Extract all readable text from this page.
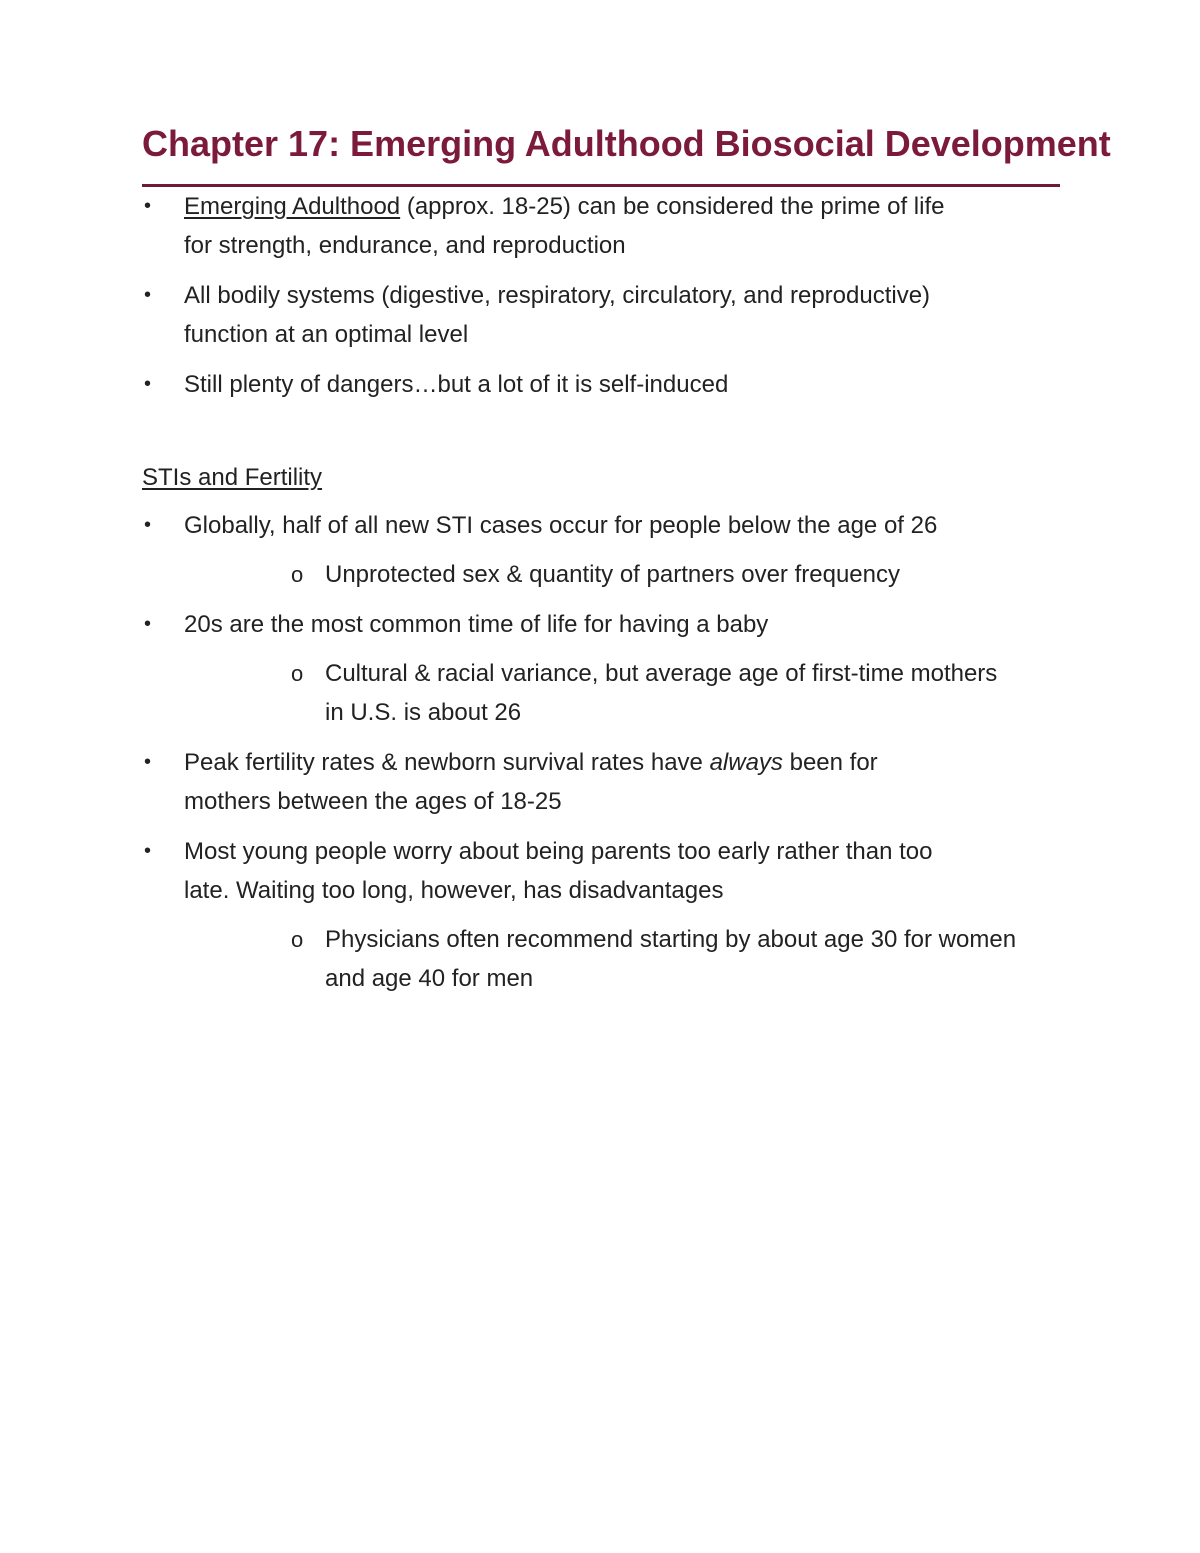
Chapter 17: Emerging Adulthood Biosocial Development
• Emerging Adulthood (approx. 18-25) can be considered the prime of life
for strength, endurance, and reproduction
• All bodily systems (digestive, respiratory, circulatory, and reproductive)
function at an optimal level
• Still plenty of dangers…but a lot of it is self-induced
STIs and Fertility
• Globally, half of all new STI cases occur for people below the age of 26
o Unprotected sex & quantity of partners over frequency
• 20s are the most common time of life for having a baby
o Cultural & racial variance, but average age of first-time mothers
in U.S. is about 26
• Peak fertility rates & newborn survival rates have always been for
mothers between the ages of 18-25
• Most young people worry about being parents too early rather than too
late. Waiting too long, however, has disadvantages
o Physicians often recommend starting by about age 30 for women
and age 40 for men
